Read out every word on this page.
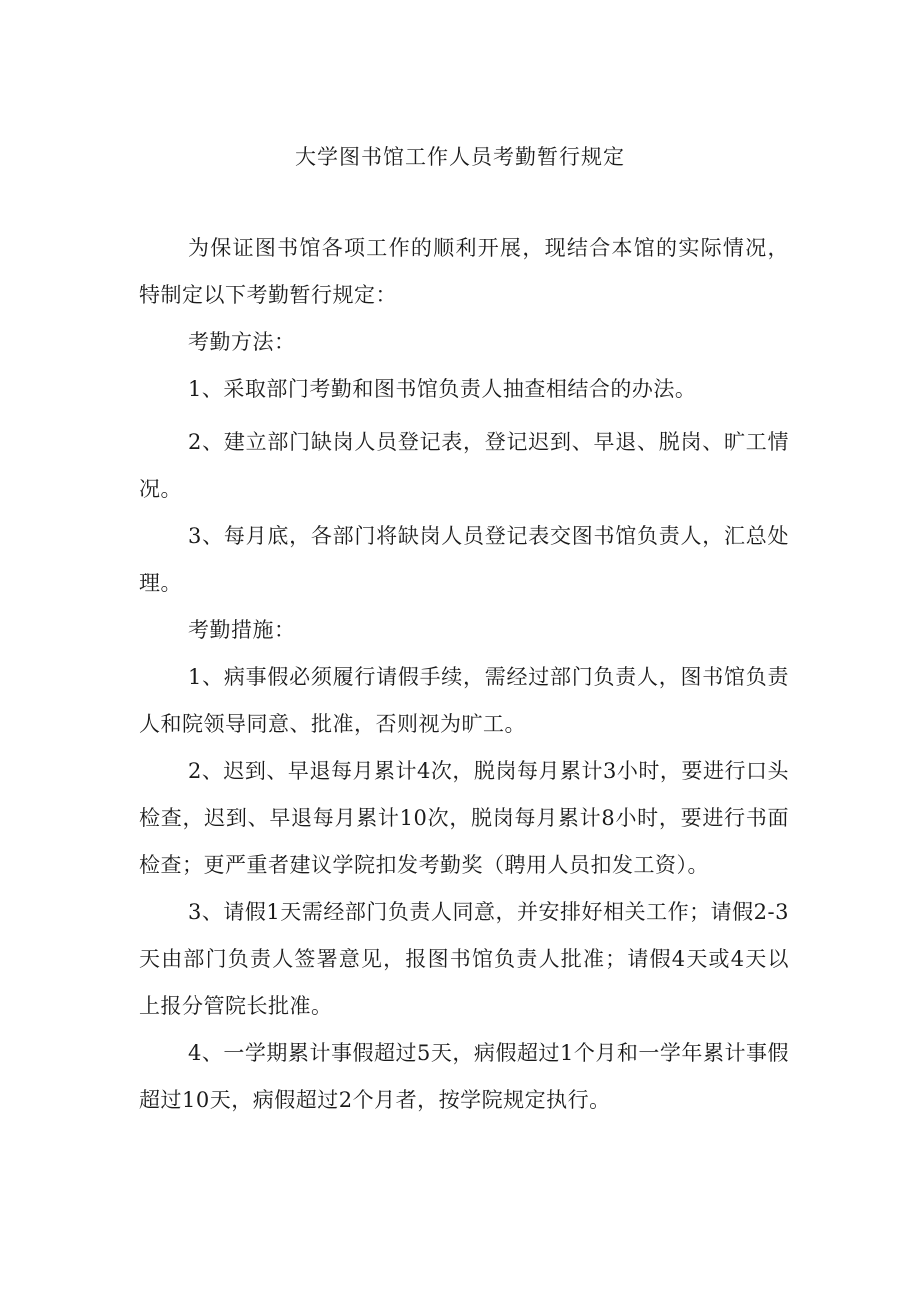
大学图书馆工作人员考勤暂行规定

为保证图书馆各项工作的顺利开展，现结合本馆的实际情况，特制定以下考勤暂行规定：

考勤方法：

1、采取部门考勤和图书馆负责人抽查相结合的办法。

2、建立部门缺岗人员登记表，登记迟到、早退、脱岗、旷工情况。

3、每月底，各部门将缺岗人员登记表交图书馆负责人，汇总处理。

考勤措施：

1、病事假必须履行请假手续，需经过部门负责人，图书馆负责人和院领导同意、批准，否则视为旷工。

2、迟到、早退每月累计4次，脱岗每月累计3小时，要进行口头检查，迟到、早退每月累计10次，脱岗每月累计8小时，要进行书面检查；更严重者建议学院扣发考勤奖（聘用人员扣发工资）。

3、请假1天需经部门负责人同意，并安排好相关工作；请假2-3天由部门负责人签署意见，报图书馆负责人批准；请假4天或4天以上报分管院长批准。

4、一学期累计事假超过5天，病假超过1个月和一学年累计事假超过10天，病假超过2个月者，按学院规定执行。
